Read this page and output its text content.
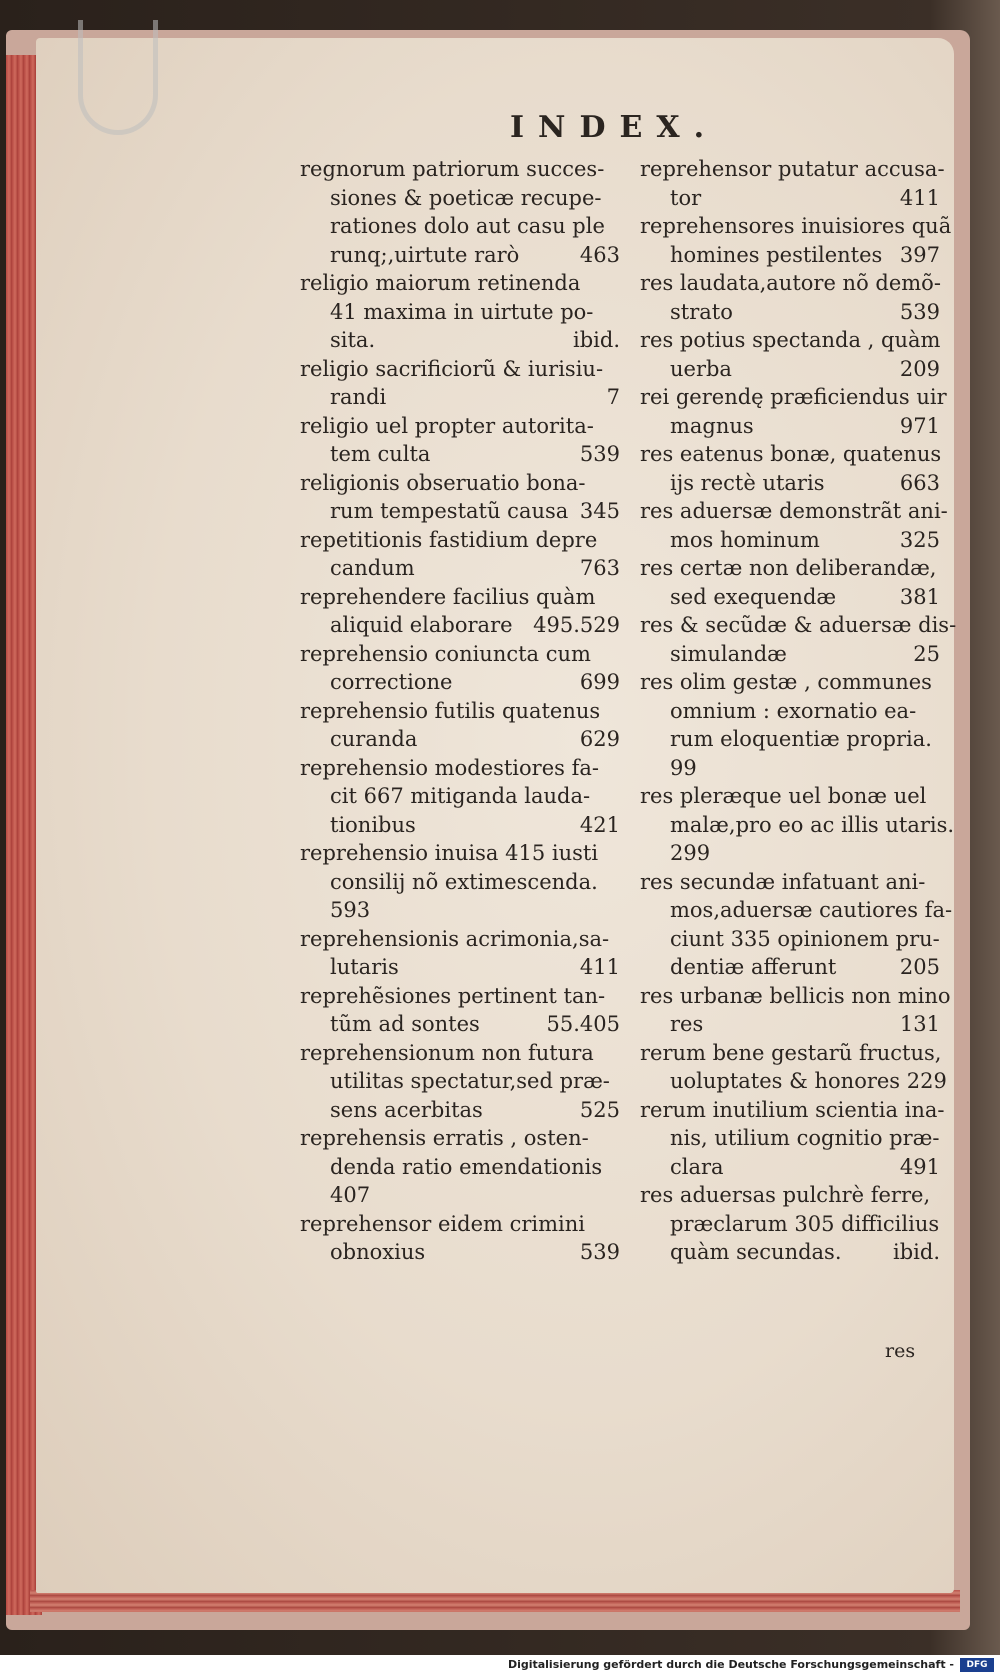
INDEX.
regnorum patriorum succes-
siones & poeticæ recupe-
rationes dolo aut casu ple
runq;,uirtute rarò	463
religio maiorum retinenda
41 maxima in uirtute po-
sita.	ibid.
religio sacrificiorũ & iurisiu-
randi	7
religio uel propter autorita-
tem culta	539
religionis obseruatio bona-
rum tempestatũ causa 345
repetitionis fastidium depre
candum	763
reprehendere facilius quàm
aliquid elaborare 495.529
reprehensio coniuncta cum
correctione	699
reprehensio futilis quatenus
curanda	629
reprehensio modestiores fa-
cit 667 mitiganda lauda-
tionibus	421
reprehensio inuisa 415 iusti
consilij nõ extimescenda.
593
reprehensionis acrimonia,sa-
lutaris	411
reprehẽsiones pertinent tan-
tũm ad sontes	55.405
reprehensionum non futura
utilitas spectatur,sed præ-
sens acerbitas	525
reprehensis erratis , osten-
denda ratio emendationis
407
reprehensor eidem crimini
obnoxius	539
reprehensor putatur accusa-
tor	411
reprehensores inuisiores quã
homines pestilentes 397
res laudata,autore nõ demõ-
strato	539
res potius spectanda , quàm
uerba	209
rei gerendę præficiendus uir
magnus	971
res eatenus bonæ, quatenus
ijs rectè utaris	663
res aduersæ demonstrãt ani-
mos hominum	325
res certæ non deliberandæ,
sed exequendæ	381
res & secũdæ & aduersæ dis-
simulandæ	25
res olim gestæ , communes
omnium : exornatio ea-
rum eloquentiæ propria.
99
res pleræque uel bonæ uel
malæ,pro eo ac illis utaris.
299
res secundæ infatuant ani-
mos,aduersæ cautiores fa-
ciunt 335 opinionem pru-
dentiæ afferunt	205
res urbanæ bellicis non mino
res	131
rerum bene gestarũ fructus,
uoluptates & honores 229
rerum inutilium scientia ina-
nis, utilium cognitio præ-
clara	491
res aduersas pulchrè ferre,
præclarum 305 difficilius
quàm secundas. ibid.
res
Digitalisierung gefördert durch die Deutsche Forschungsgemeinschaft -	DFG
